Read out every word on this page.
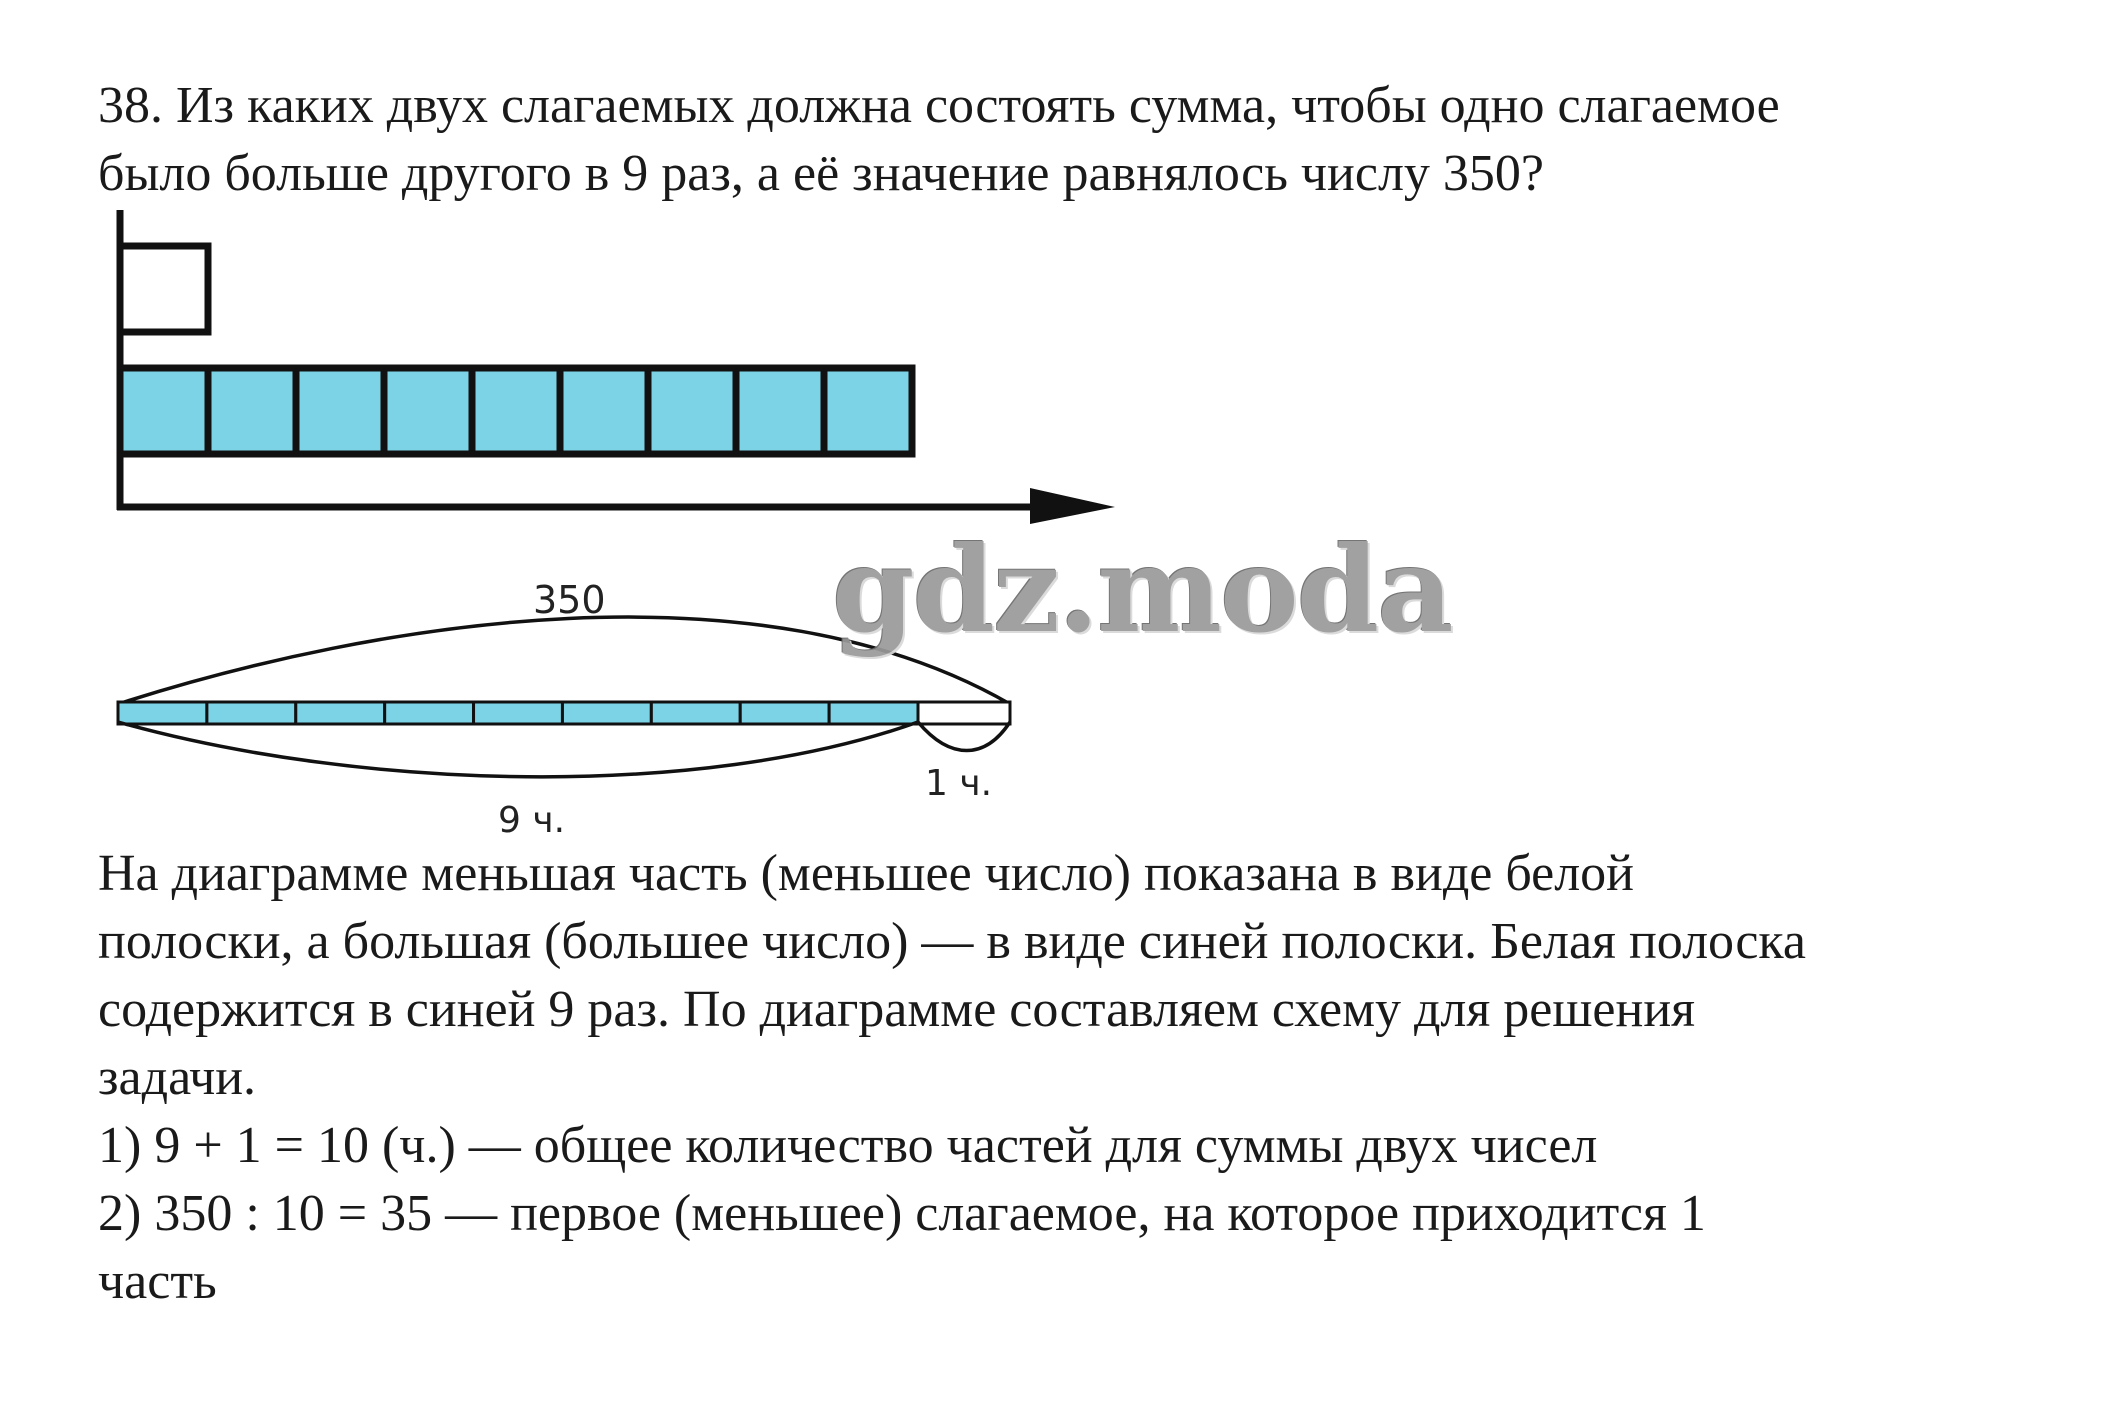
38. Из каких двух слагаемых должна состоять сумма, чтобы одно слагаемое

было больше другого в 9 раз, а её значение равнялось числу 350?

350
9 ч.
1 ч.
gdz.moda

На диаграмме меньшая часть (меньшее число) показана в виде белой

полоски, а большая (большее число) — в виде синей полоски. Белая полоска

содержится в синей 9 раз. По диаграмме составляем схему для решения

задачи.

1) 9 + 1 = 10 (ч.) — общее количество частей для суммы двух чисел

2) 350 : 10 = 35 — первое (меньшее) слагаемое, на которое приходится 1

часть
